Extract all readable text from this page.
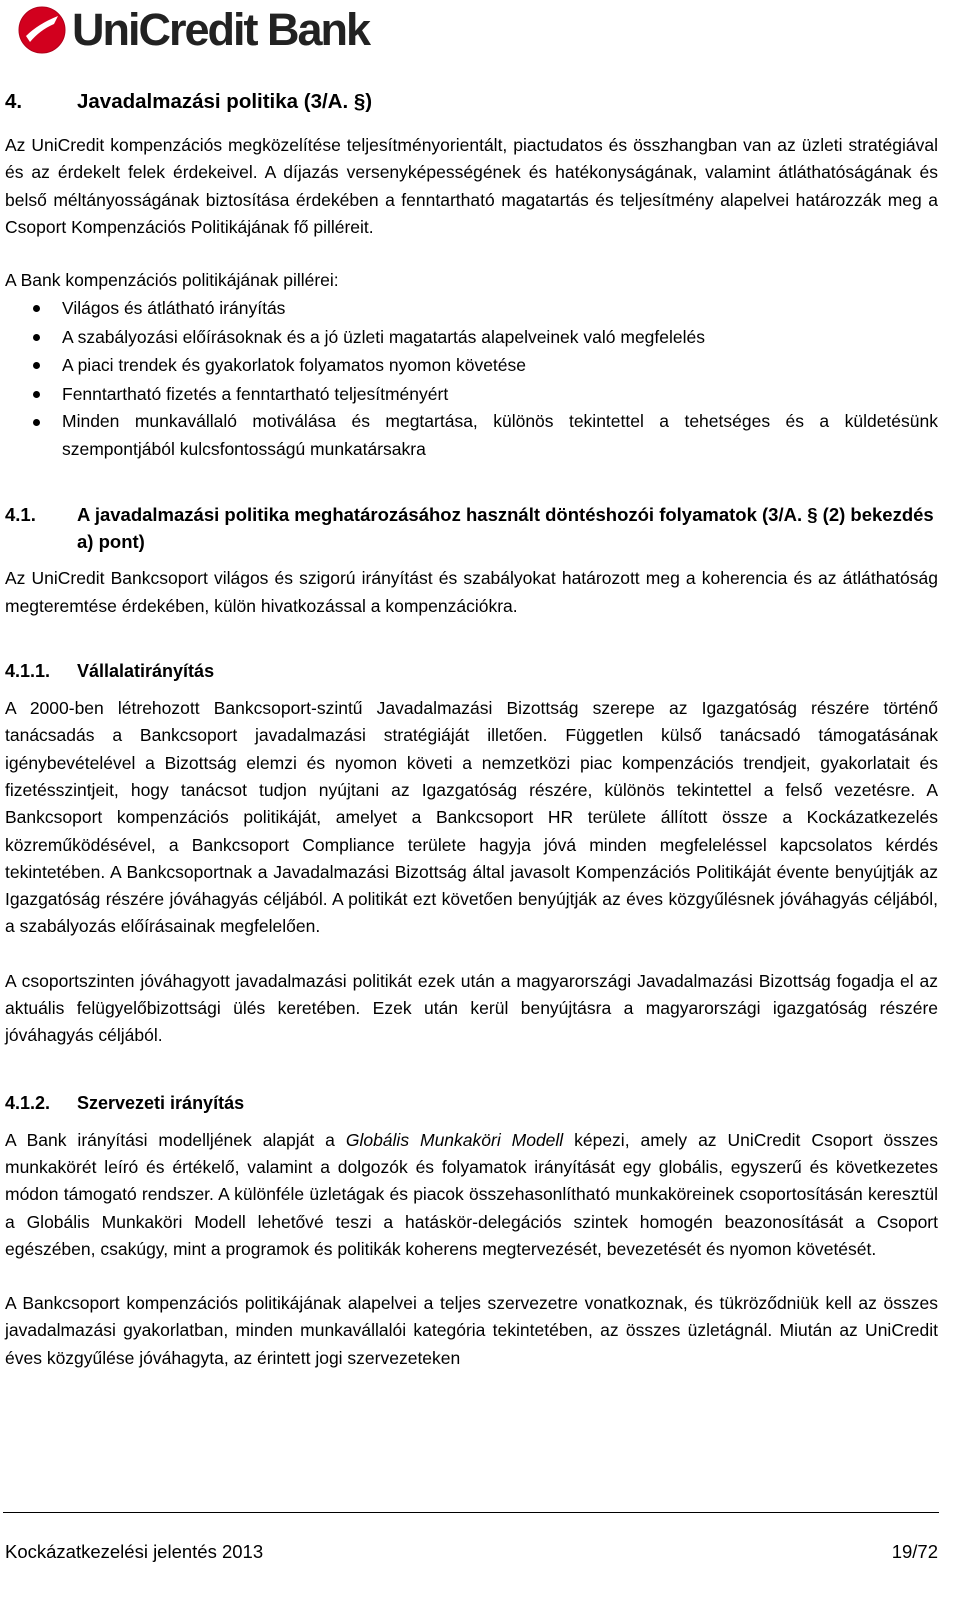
UniCredit Bank
4.	Javadalmazási politika (3/A. §)

Az UniCredit kompenzációs megközelítése teljesítményorientált, piactudatos és összhangban van az üzleti stratégiával és az érdekelt felek érdekeivel. A díjazás versenyképességének és hatékonyságának, valamint átláthatóságának és belső méltányosságának biztosítása érdekében a fenntartható magatartás és teljesítmény alapelvei határozzák meg a Csoport Kompenzációs Politikájának fő pilléreit.

A Bank kompenzációs politikájának pillérei:

Világos és átlátható irányítás
A szabályozási előírásoknak és a jó üzleti magatartás alapelveinek való megfelelés
A piaci trendek és gyakorlatok folyamatos nyomon követése
Fenntartható fizetés a fenntartható teljesítményért
Minden munkavállaló motiválása és megtartása, különös tekintettel a tehetséges és a küldetésünk szempontjából kulcsfontosságú munkatársakra
4.1.	A javadalmazási politika meghatározásához használt döntéshozói folyamatok (3/A. § (2) bekezdés a) pont)

Az UniCredit Bankcsoport világos és szigorú irányítást és szabályokat határozott meg a koherencia és az átláthatóság megteremtése érdekében, külön hivatkozással a kompenzációkra.

4.1.1.	Vállalatirányítás

A 2000-ben létrehozott Bankcsoport-szintű Javadalmazási Bizottság szerepe az Igazgatóság részére történő tanácsadás a Bankcsoport javadalmazási stratégiáját illetően. Független külső tanácsadó támogatásának igénybevételével a Bizottság elemzi és nyomon követi a nemzetközi piac kompenzációs trendjeit, gyakorlatait és fizetésszintjeit, hogy tanácsot tudjon nyújtani az Igazgatóság részére, különös tekintettel a felső vezetésre. A Bankcsoport kompenzációs politikáját, amelyet a Bankcsoport HR területe állított össze a Kockázatkezelés közreműködésével, a Bankcsoport Compliance területe hagyja jóvá minden megfeleléssel kapcsolatos kérdés tekintetében. A Bankcsoportnak a Javadalmazási Bizottság által javasolt Kompenzációs Politikáját évente benyújtják az Igazgatóság részére jóváhagyás céljából. A politikát ezt követően benyújtják az éves közgyűlésnek jóváhagyás céljából, a szabályozás előírásainak megfelelően.

A csoportszinten jóváhagyott javadalmazási politikát ezek után a magyarországi Javadalmazási Bizottság fogadja el az aktuális felügyelőbizottsági ülés keretében. Ezek után kerül benyújtásra a magyarországi igazgatóság részére jóváhagyás céljából.

4.1.2.	Szervezeti irányítás

A Bank irányítási modelljének alapját a Globális Munkaköri Modell képezi, amely az UniCredit Csoport összes munkakörét leíró és értékelő, valamint a dolgozók és folyamatok irányítását egy globális, egyszerű és következetes módon támogató rendszer. A különféle üzletágak és piacok összehasonlítható munkaköreinek csoportosításán keresztül a Globális Munkaköri Modell lehetővé teszi a hatáskör-delegációs szintek homogén beazonosítását a Csoport egészében, csakúgy, mint a programok és politikák koherens megtervezését, bevezetését és nyomon követését.

A Bankcsoport kompenzációs politikájának alapelvei a teljes szervezetre vonatkoznak, és tükröződniük kell az összes javadalmazási gyakorlatban, minden munkavállalói kategória tekintetében, az összes üzletágnál. Miután az UniCredit éves közgyűlése jóváhagyta, az érintett jogi szervezeteken

Kockázatkezelési jelentés 2013	19/72
